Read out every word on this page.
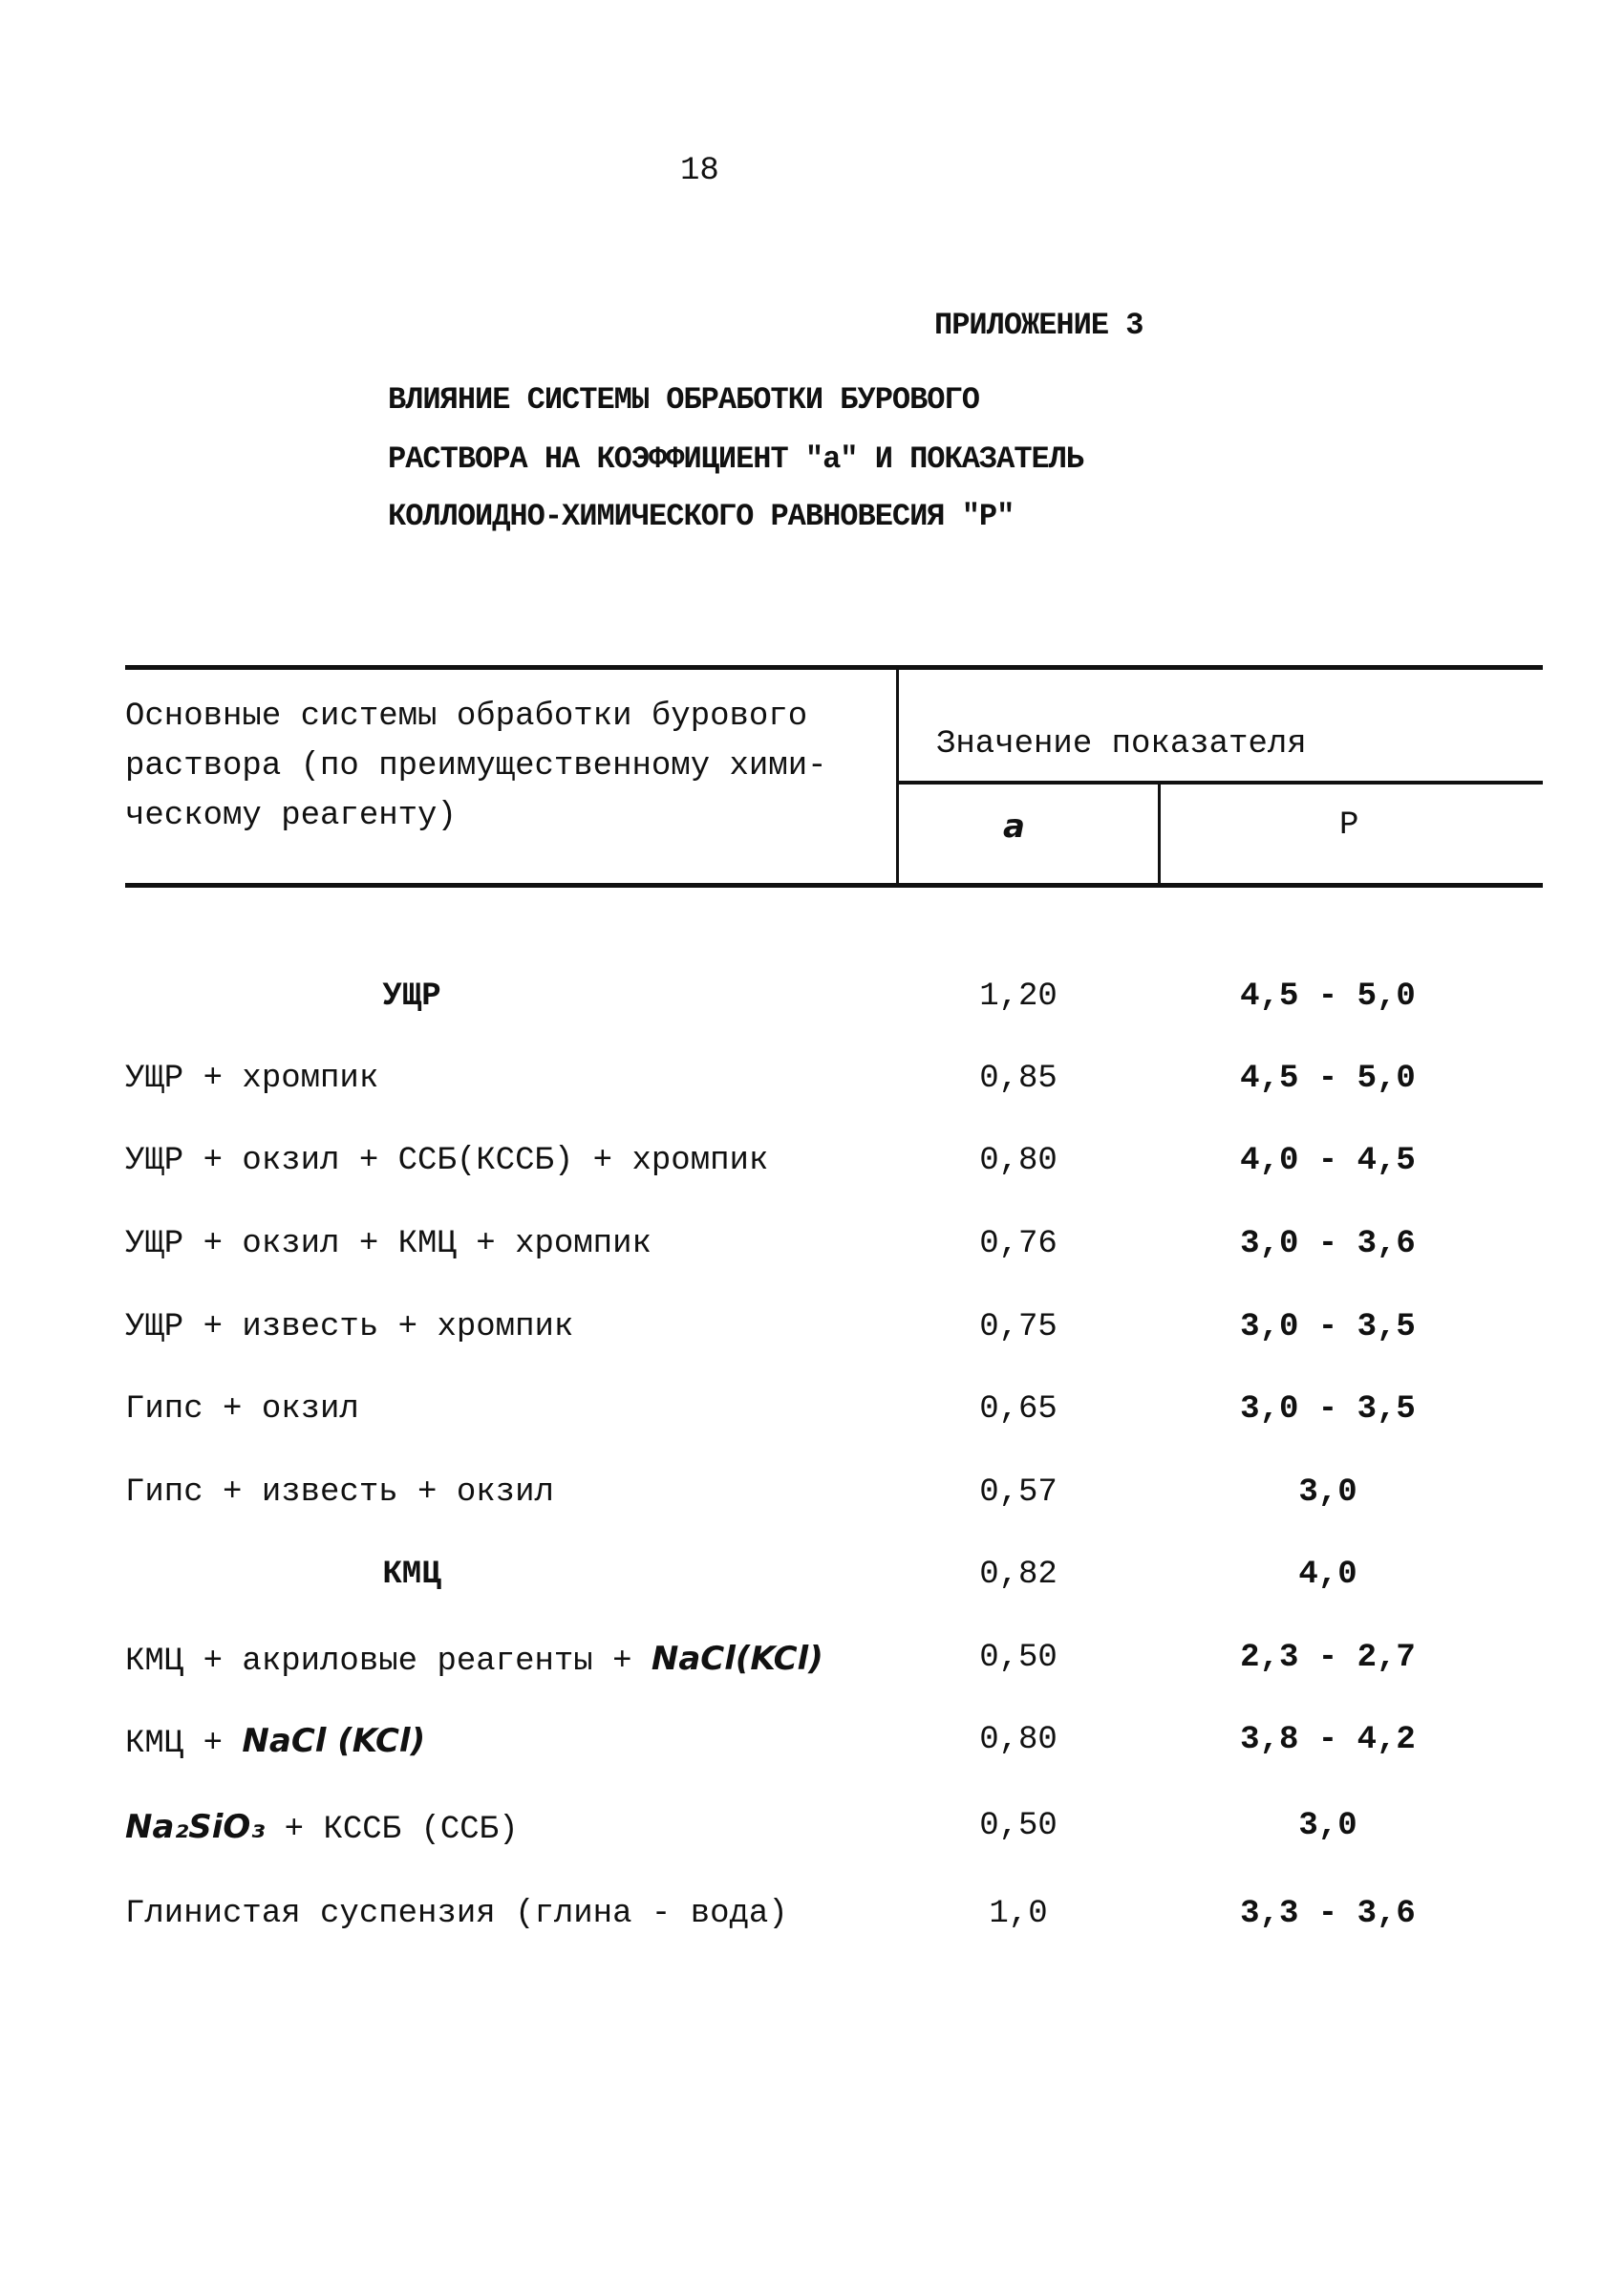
18
ПРИЛОЖЕНИЕ 3
ВЛИЯНИЕ СИСТЕМЫ ОБРАБОТКИ БУРОВОГО
РАСТВОРА НА КОЭФФИЦИЕНТ "a" И ПОКАЗАТЕЛЬ
КОЛЛОИДНО-ХИМИЧЕСКОГО РАВНОВЕСИЯ "P"
Основные системы обработки бурового
раствора (по преимущественному хими-
ческому реагенту)
Значение показателя
a	P
УЩР	1,20	4,5 - 5,0
УЩР + хромпик	0,85	4,5 - 5,0
УЩР + окзил + ССБ(КССБ) + хромпик	0,80	4,0 - 4,5
УЩР + окзил + КМЦ + хромпик	0,76	3,0 - 3,6
УЩР + известь + хромпик	0,75	3,0 - 3,5
Гипс + окзил	0,65	3,0 - 3,5
Гипс + известь + окзил	0,57	3,0
КМЦ	0,82	4,0
КМЦ + акриловые реагенты + NaCl(KCl)	0,50	2,3 - 2,7
КМЦ + NaCl (KCl)	0,80	3,8 - 4,2
Na₂SiO₃ + КССБ (ССБ)	0,50	3,0
Глинистая суспензия (глина - вода)	1,0	3,3 - 3,6
